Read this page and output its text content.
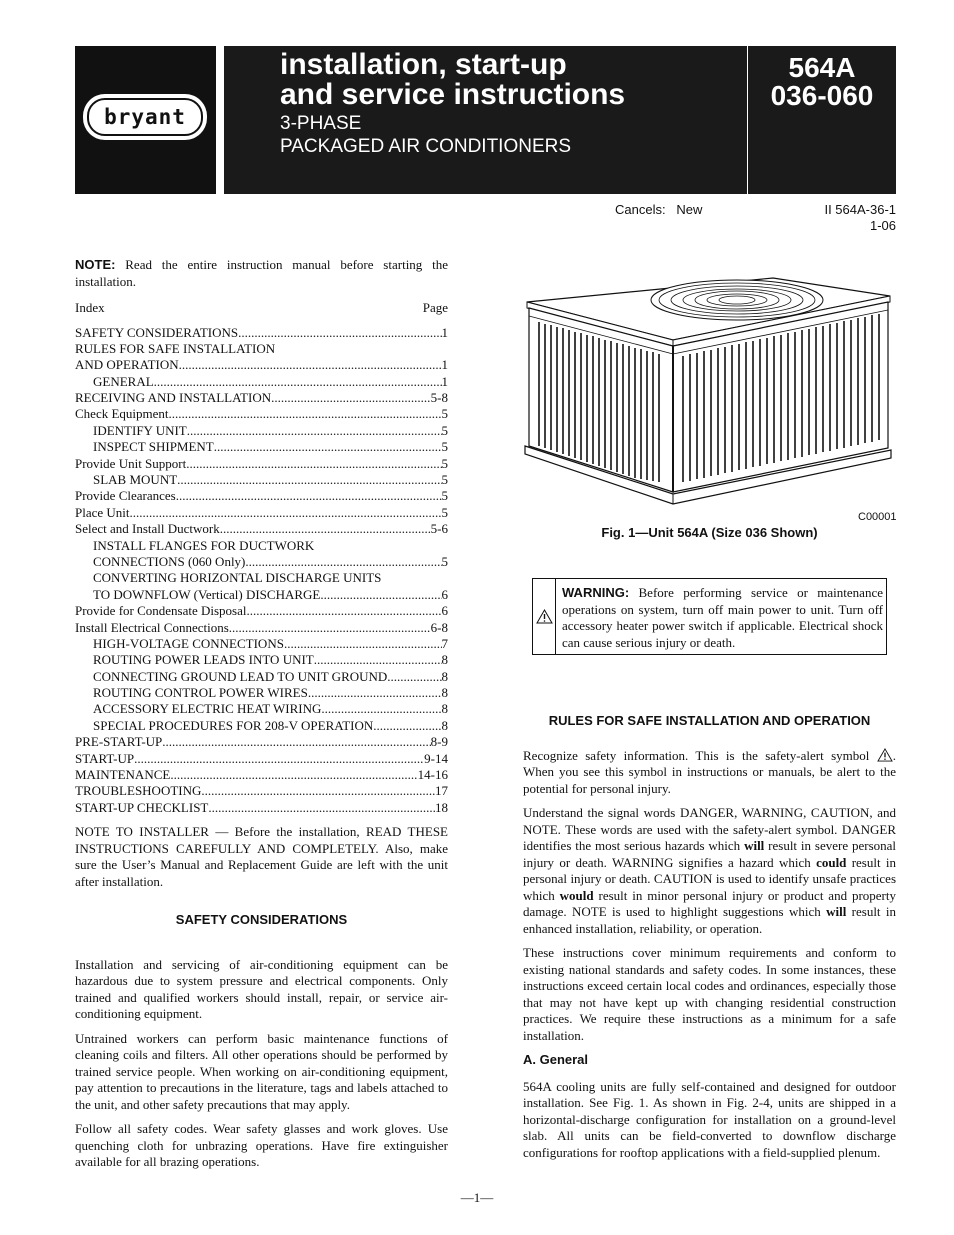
bryant
installation, start-up
and service instructions
3-PHASE
PACKAGED AIR CONDITIONERS
564A
036-060
Cancels: New	II 564A-36-1
1-06
NOTE: Read the entire instruction manual before starting the installation.
Index	Page
SAFETY CONSIDERATIONS .....	1
RULES FOR SAFE INSTALLATION
AND OPERATION .....	1
GENERAL .....	1
RECEIVING AND INSTALLATION .....	5-8
Check Equipment .....	5
IDENTIFY UNIT .....	5
INSPECT SHIPMENT .....	5
Provide Unit Support .....	5
SLAB MOUNT .....	5
Provide Clearances .....	5
Place Unit .....	5
Select and Install Ductwork .....	5-6
INSTALL FLANGES FOR DUCTWORK
CONNECTIONS (060 Only) .....	5
CONVERTING HORIZONTAL DISCHARGE UNITS
TO DOWNFLOW (Vertical) DISCHARGE .....	6
Provide for Condensate Disposal .....	6
Install Electrical Connections .....	6-8
HIGH-VOLTAGE CONNECTIONS .....	7
ROUTING POWER LEADS INTO UNIT .....	8
CONNECTING GROUND LEAD TO UNIT GROUND .....	8
ROUTING CONTROL POWER WIRES .....	8
ACCESSORY ELECTRIC HEAT WIRING .....	8
SPECIAL PROCEDURES FOR 208-V OPERATION .....	8
PRE-START-UP .....	8-9
START-UP .....	9-14
MAINTENANCE .....	14-16
TROUBLESHOOTING .....	17
START-UP CHECKLIST .....	18
NOTE TO INSTALLER — Before the installation, READ THESE INSTRUCTIONS CAREFULLY AND COMPLETELY. Also, make sure the User’s Manual and Replacement Guide are left with the unit after installation.
SAFETY CONSIDERATIONS
Installation and servicing of air-conditioning equipment can be hazardous due to system pressure and electrical components. Only trained and qualified workers should install, repair, or service air-conditioning equipment.
Untrained workers can perform basic maintenance functions of cleaning coils and filters. All other operations should be performed by trained service people. When working on air-conditioning equipment, pay attention to precautions in the literature, tags and labels attached to the unit, and other safety precautions that may apply.
Follow all safety codes. Wear safety glasses and work gloves. Use quenching cloth for unbrazing operations. Have fire extinguisher available for all brazing operations.
C00001
Fig. 1—Unit 564A (Size 036 Shown)
WARNING: Before performing service or maintenance operations on system, turn off main power to unit. Turn off accessory heater power switch if applicable. Electrical shock can cause serious injury or death.
RULES FOR SAFE INSTALLATION AND OPERATION
Recognize safety information. This is the safety-alert symbol . When you see this symbol in instructions or manuals, be alert to the potential for personal injury.
Understand the signal words DANGER, WARNING, CAUTION, and NOTE. These words are used with the safety-alert symbol. DANGER identifies the most serious hazards which will result in severe personal injury or death. WARNING signifies a hazard which could result in personal injury or death. CAUTION is used to identify unsafe practices which would result in minor personal injury or product and property damage. NOTE is used to highlight suggestions which will result in enhanced installation, reliability, or operation.
These instructions cover minimum requirements and conform to existing national standards and safety codes. In some instances, these instructions exceed certain local codes and ordinances, especially those that may not have kept up with changing residential construction practices. We require these instructions as a minimum for a safe installation.
A. General
564A cooling units are fully self-contained and designed for outdoor installation. See Fig. 1. As shown in Fig. 2-4, units are shipped in a horizontal-discharge configuration for installation on a ground-level slab. All units can be field-converted to downflow discharge configurations for rooftop applications with a field-supplied plenum.
—1—
